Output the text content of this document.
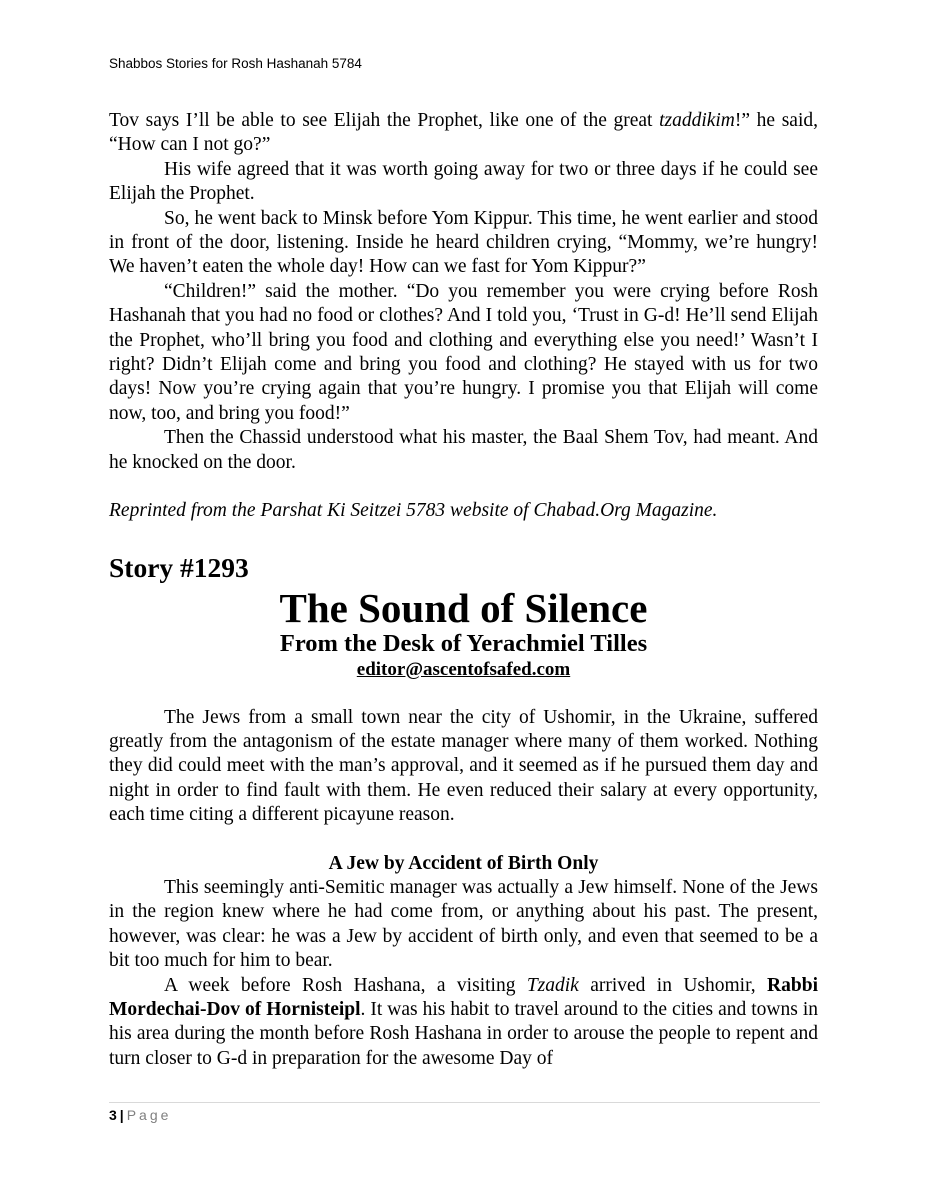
Shabbos Stories for Rosh Hashanah 5784

Tov says I’ll be able to see Elijah the Prophet, like one of the great tzaddikim!” he said, “How can I not go?”

His wife agreed that it was worth going away for two or three days if he could see Elijah the Prophet.

So, he went back to Minsk before Yom Kippur. This time, he went earlier and stood in front of the door, listening. Inside he heard children crying, “Mommy, we’re hungry! We haven’t eaten the whole day! How can we fast for Yom Kippur?”

“Children!” said the mother. “Do you remember you were crying before Rosh Hashanah that you had no food or clothes? And I told you, ‘Trust in G-d! He’ll send Elijah the Prophet, who’ll bring you food and clothing and everything else you need!’ Wasn’t I right? Didn’t Elijah come and bring you food and clothing? He stayed with us for two days! Now you’re crying again that you’re hungry. I promise you that Elijah will come now, too, and bring you food!”

Then the Chassid understood what his master, the Baal Shem Tov, had meant. And he knocked on the door.

Reprinted from the Parshat Ki Seitzei 5783 website of Chabad.Org Magazine.

Story #1293
The Sound of Silence
From the Desk of Yerachmiel Tilles
editor@ascentofsafed.com

The Jews from a small town near the city of Ushomir, in the Ukraine, suffered greatly from the antagonism of the estate manager where many of them worked. Nothing they did could meet with the man’s approval, and it seemed as if he pursued them day and night in order to find fault with them. He even reduced their salary at every opportunity, each time citing a different picayune reason.

A Jew by Accident of Birth Only

This seemingly anti-Semitic manager was actually a Jew himself. None of the Jews in the region knew where he had come from, or anything about his past. The present, however, was clear: he was a Jew by accident of birth only, and even that seemed to be a bit too much for him to bear.

A week before Rosh Hashana, a visiting Tzadik arrived in Ushomir, Rabbi Mordechai-Dov of Hornisteipl. It was his habit to travel around to the cities and towns in his area during the month before Rosh Hashana in order to arouse the people to repent and turn closer to G-d in preparation for the awesome Day of

3 | Page
